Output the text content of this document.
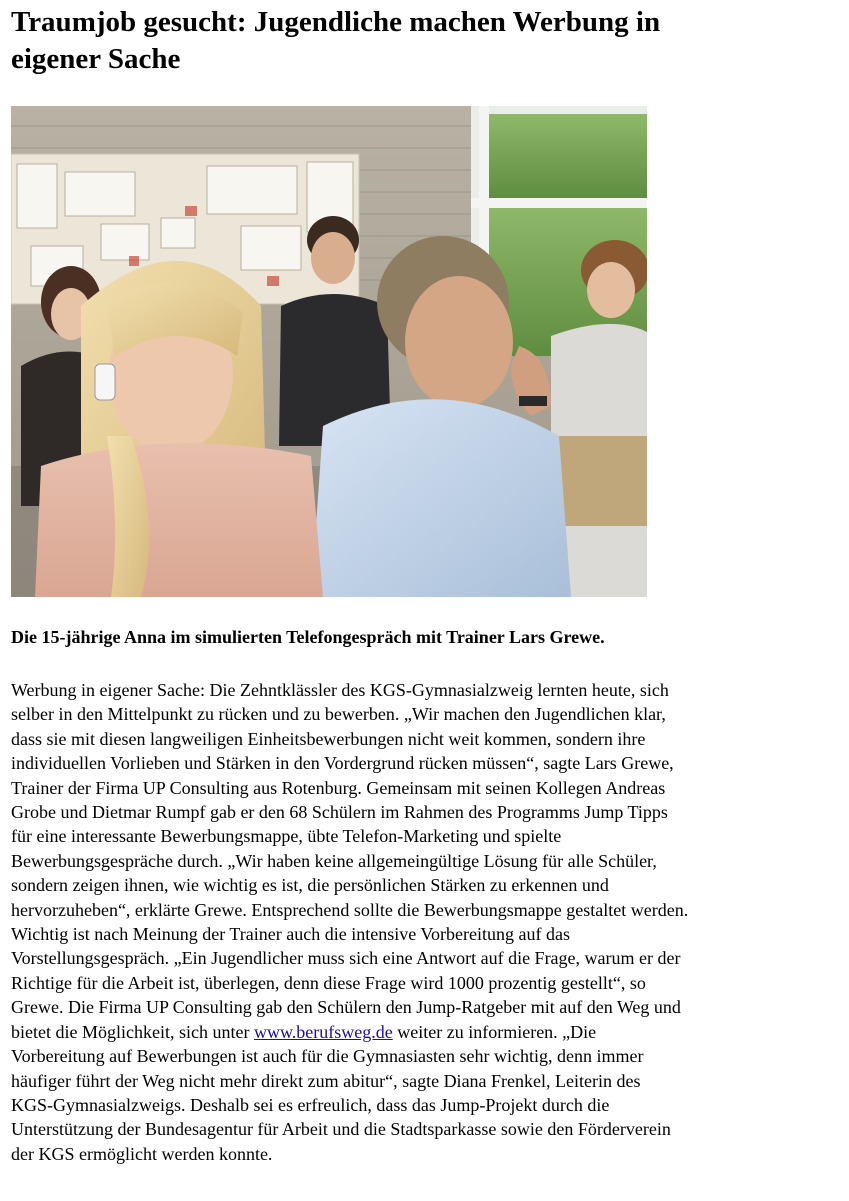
Traumjob gesucht: Jugendliche machen Werbung in
eigener Sache

Die 15-jährige Anna im simulierten Telefongespräch mit Trainer Lars Grewe.

Werbung in eigener Sache: Die Zehntklässler des KGS-Gymnasialzweig lernten heute, sich
selber in den Mittelpunkt zu rücken und zu bewerben. „Wir machen den Jugendlichen klar,
dass sie mit diesen langweiligen Einheitsbewerbungen nicht weit kommen, sondern ihre
individuellen Vorlieben und Stärken in den Vordergrund rücken müssen“, sagte Lars Grewe,
Trainer der Firma UP Consulting aus Rotenburg. Gemeinsam mit seinen Kollegen Andreas
Grobe und Dietmar Rumpf gab er den 68 Schülern im Rahmen des Programms Jump Tipps
für eine interessante Bewerbungsmappe, übte Telefon-Marketing und spielte
Bewerbungsgespräche durch. „Wir haben keine allgemeingültige Lösung für alle Schüler,
sondern zeigen ihnen, wie wichtig es ist, die persönlichen Stärken zu erkennen und
hervorzuheben“, erklärte Grewe. Entsprechend sollte die Bewerbungsmappe gestaltet werden.
Wichtig ist nach Meinung der Trainer auch die intensive Vorbereitung auf das
Vorstellungsgespräch. „Ein Jugendlicher muss sich eine Antwort auf die Frage, warum er der
Richtige für die Arbeit ist, überlegen, denn diese Frage wird 1000 prozentig gestellt“, so
Grewe. Die Firma UP Consulting gab den Schülern den Jump-Ratgeber mit auf den Weg und
bietet die Möglichkeit, sich unter www.berufsweg.de weiter zu informieren. „Die
Vorbereitung auf Bewerbungen ist auch für die Gymnasiasten sehr wichtig, denn immer
häufiger führt der Weg nicht mehr direkt zum abitur“, sagte Diana Frenkel, Leiterin des
KGS-Gymnasialzweigs. Deshalb sei es erfreulich, dass das Jump-Projekt durch die
Unterstützung der Bundesagentur für Arbeit und die Stadtsparkasse sowie den Förderverein
der KGS ermöglicht werden konnte.
